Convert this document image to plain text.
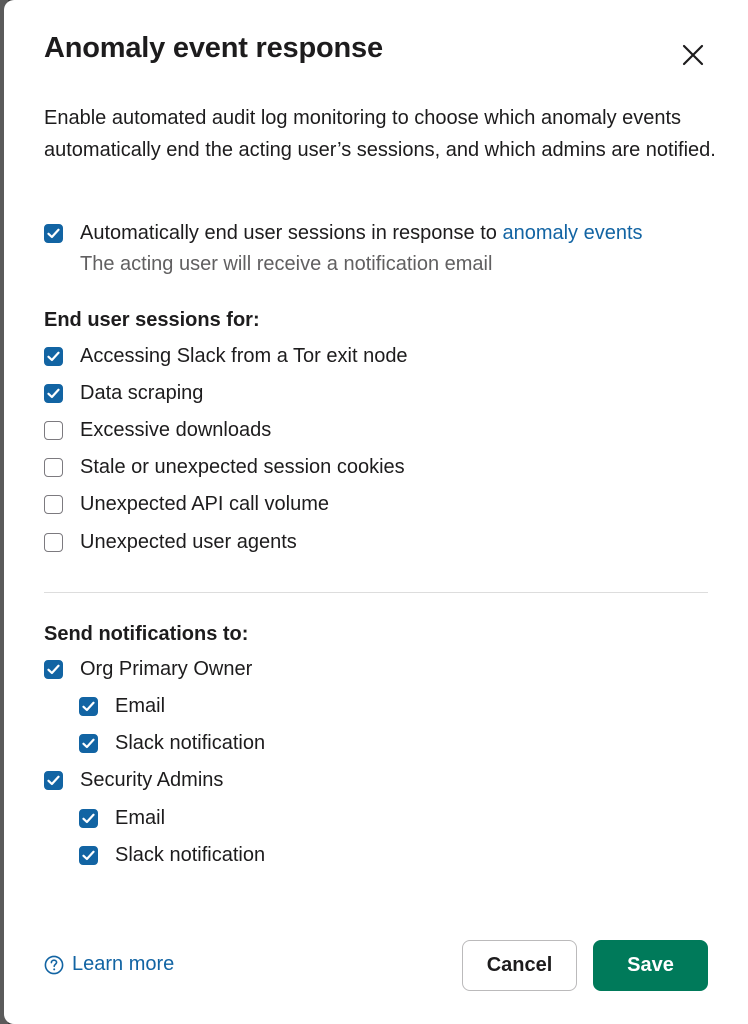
Anomaly event response

Enable automated audit log monitoring to choose which anomaly events automatically end the acting user’s sessions, and which admins are notified.

Automatically end user sessions in response to anomaly events
The acting user will receive a notification email
End user sessions for:
Accessing Slack from a Tor exit node
Data scraping
Excessive downloads
Stale or unexpected session cookies
Unexpected API call volume
Unexpected user agents
Send notifications to:
Org Primary Owner
Email
Slack notification
Security Admins
Email
Slack notification
Learn more	Cancel	Save
